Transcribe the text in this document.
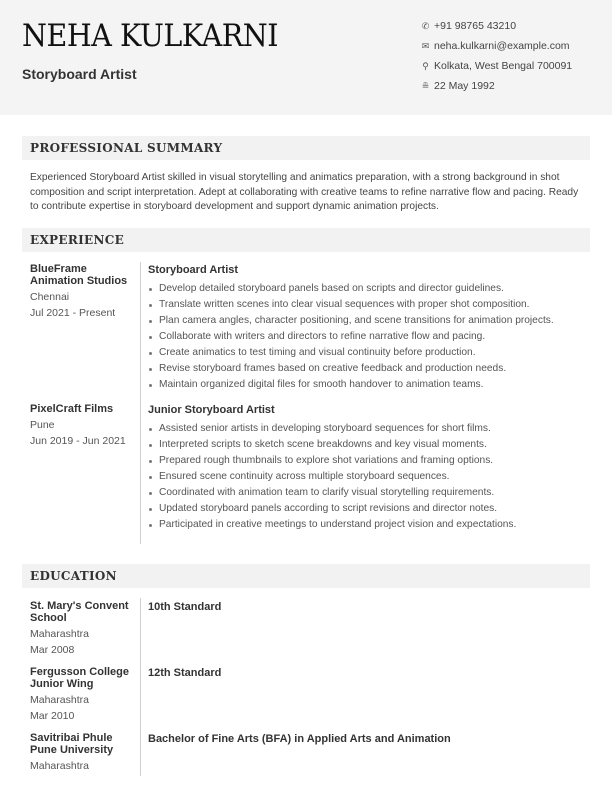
NEHA KULKARNI
Storyboard Artist
✆ +91 98765 43210
✉ neha.kulkarni@example.com
⚲ Kolkata, West Bengal 700091
≞ 22 May 1992
PROFESSIONAL SUMMARY
Experienced Storyboard Artist skilled in visual storytelling and animatics preparation, with a strong background in shot composition and script interpretation. Adept at collaborating with creative teams to refine narrative flow and pacing. Ready to contribute expertise in storyboard development and support dynamic animation projects.
EXPERIENCE
BlueFrame Animation Studios
Chennai
Jul 2021 - Present
Storyboard Artist
Develop detailed storyboard panels based on scripts and director guidelines.
Translate written scenes into clear visual sequences with proper shot composition.
Plan camera angles, character positioning, and scene transitions for animation projects.
Collaborate with writers and directors to refine narrative flow and pacing.
Create animatics to test timing and visual continuity before production.
Revise storyboard frames based on creative feedback and production needs.
Maintain organized digital files for smooth handover to animation teams.
PixelCraft Films
Pune
Jun 2019 - Jun 2021
Junior Storyboard Artist
Assisted senior artists in developing storyboard sequences for short films.
Interpreted scripts to sketch scene breakdowns and key visual moments.
Prepared rough thumbnails to explore shot variations and framing options.
Ensured scene continuity across multiple storyboard sequences.
Coordinated with animation team to clarify visual storytelling requirements.
Updated storyboard panels according to script revisions and director notes.
Participated in creative meetings to understand project vision and expectations.
EDUCATION
St. Mary's Convent School
Maharashtra
Mar 2008
10th Standard
Fergusson College Junior Wing
Maharashtra
Mar 2010
12th Standard
Savitribai Phule Pune University
Maharashtra
Bachelor of Fine Arts (BFA) in Applied Arts and Animation
